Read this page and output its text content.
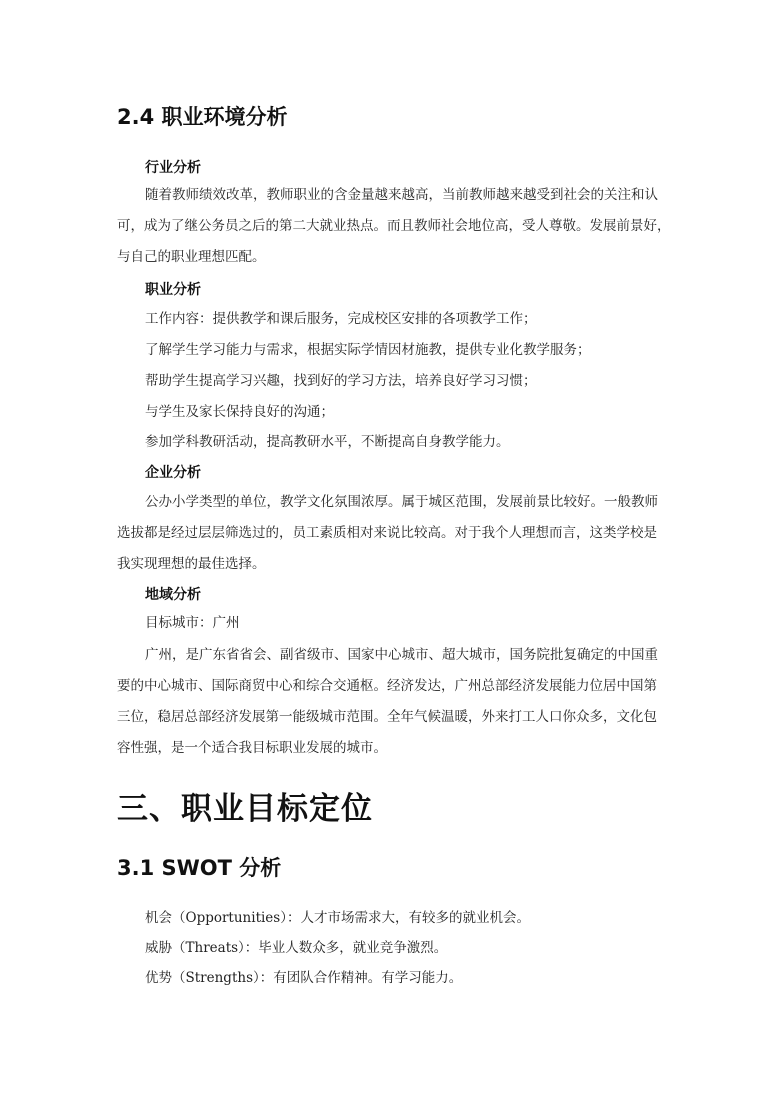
2.4 职业环境分析
行业分析
随着教师绩效改革，教师职业的含金量越来越高，当前教师越来越受到社会的关注和认
可，成为了继公务员之后的第二大就业热点。而且教师社会地位高，受人尊敬。发展前景好，
与自己的职业理想匹配。
职业分析
工作内容：提供教学和课后服务，完成校区安排的各项教学工作；
了解学生学习能力与需求，根据实际学情因材施教，提供专业化教学服务；
帮助学生提高学习兴趣，找到好的学习方法，培养良好学习习惯；
与学生及家长保持良好的沟通；
参加学科教研活动，提高教研水平，不断提高自身教学能力。
企业分析
公办小学类型的单位，教学文化氛围浓厚。属于城区范围，发展前景比较好。一般教师
选拔都是经过层层筛选过的，员工素质相对来说比较高。对于我个人理想而言，这类学校是
我实现理想的最佳选择。
地域分析
目标城市：广州
广州，是广东省省会、副省级市、国家中心城市、超大城市，国务院批复确定的中国重
要的中心城市、国际商贸中心和综合交通枢。经济发达，广州总部经济发展能力位居中国第
三位，稳居总部经济发展第一能级城市范围。全年气候温暖，外来打工人口你众多，文化包
容性强，是一个适合我目标职业发展的城市。
三、职业目标定位
3.1 SWOT 分析
机会（Opportunities）：人才市场需求大，有较多的就业机会。
威胁（Threats）：毕业人数众多，就业竞争激烈。
优势（Strengths）：有团队合作精神。有学习能力。
